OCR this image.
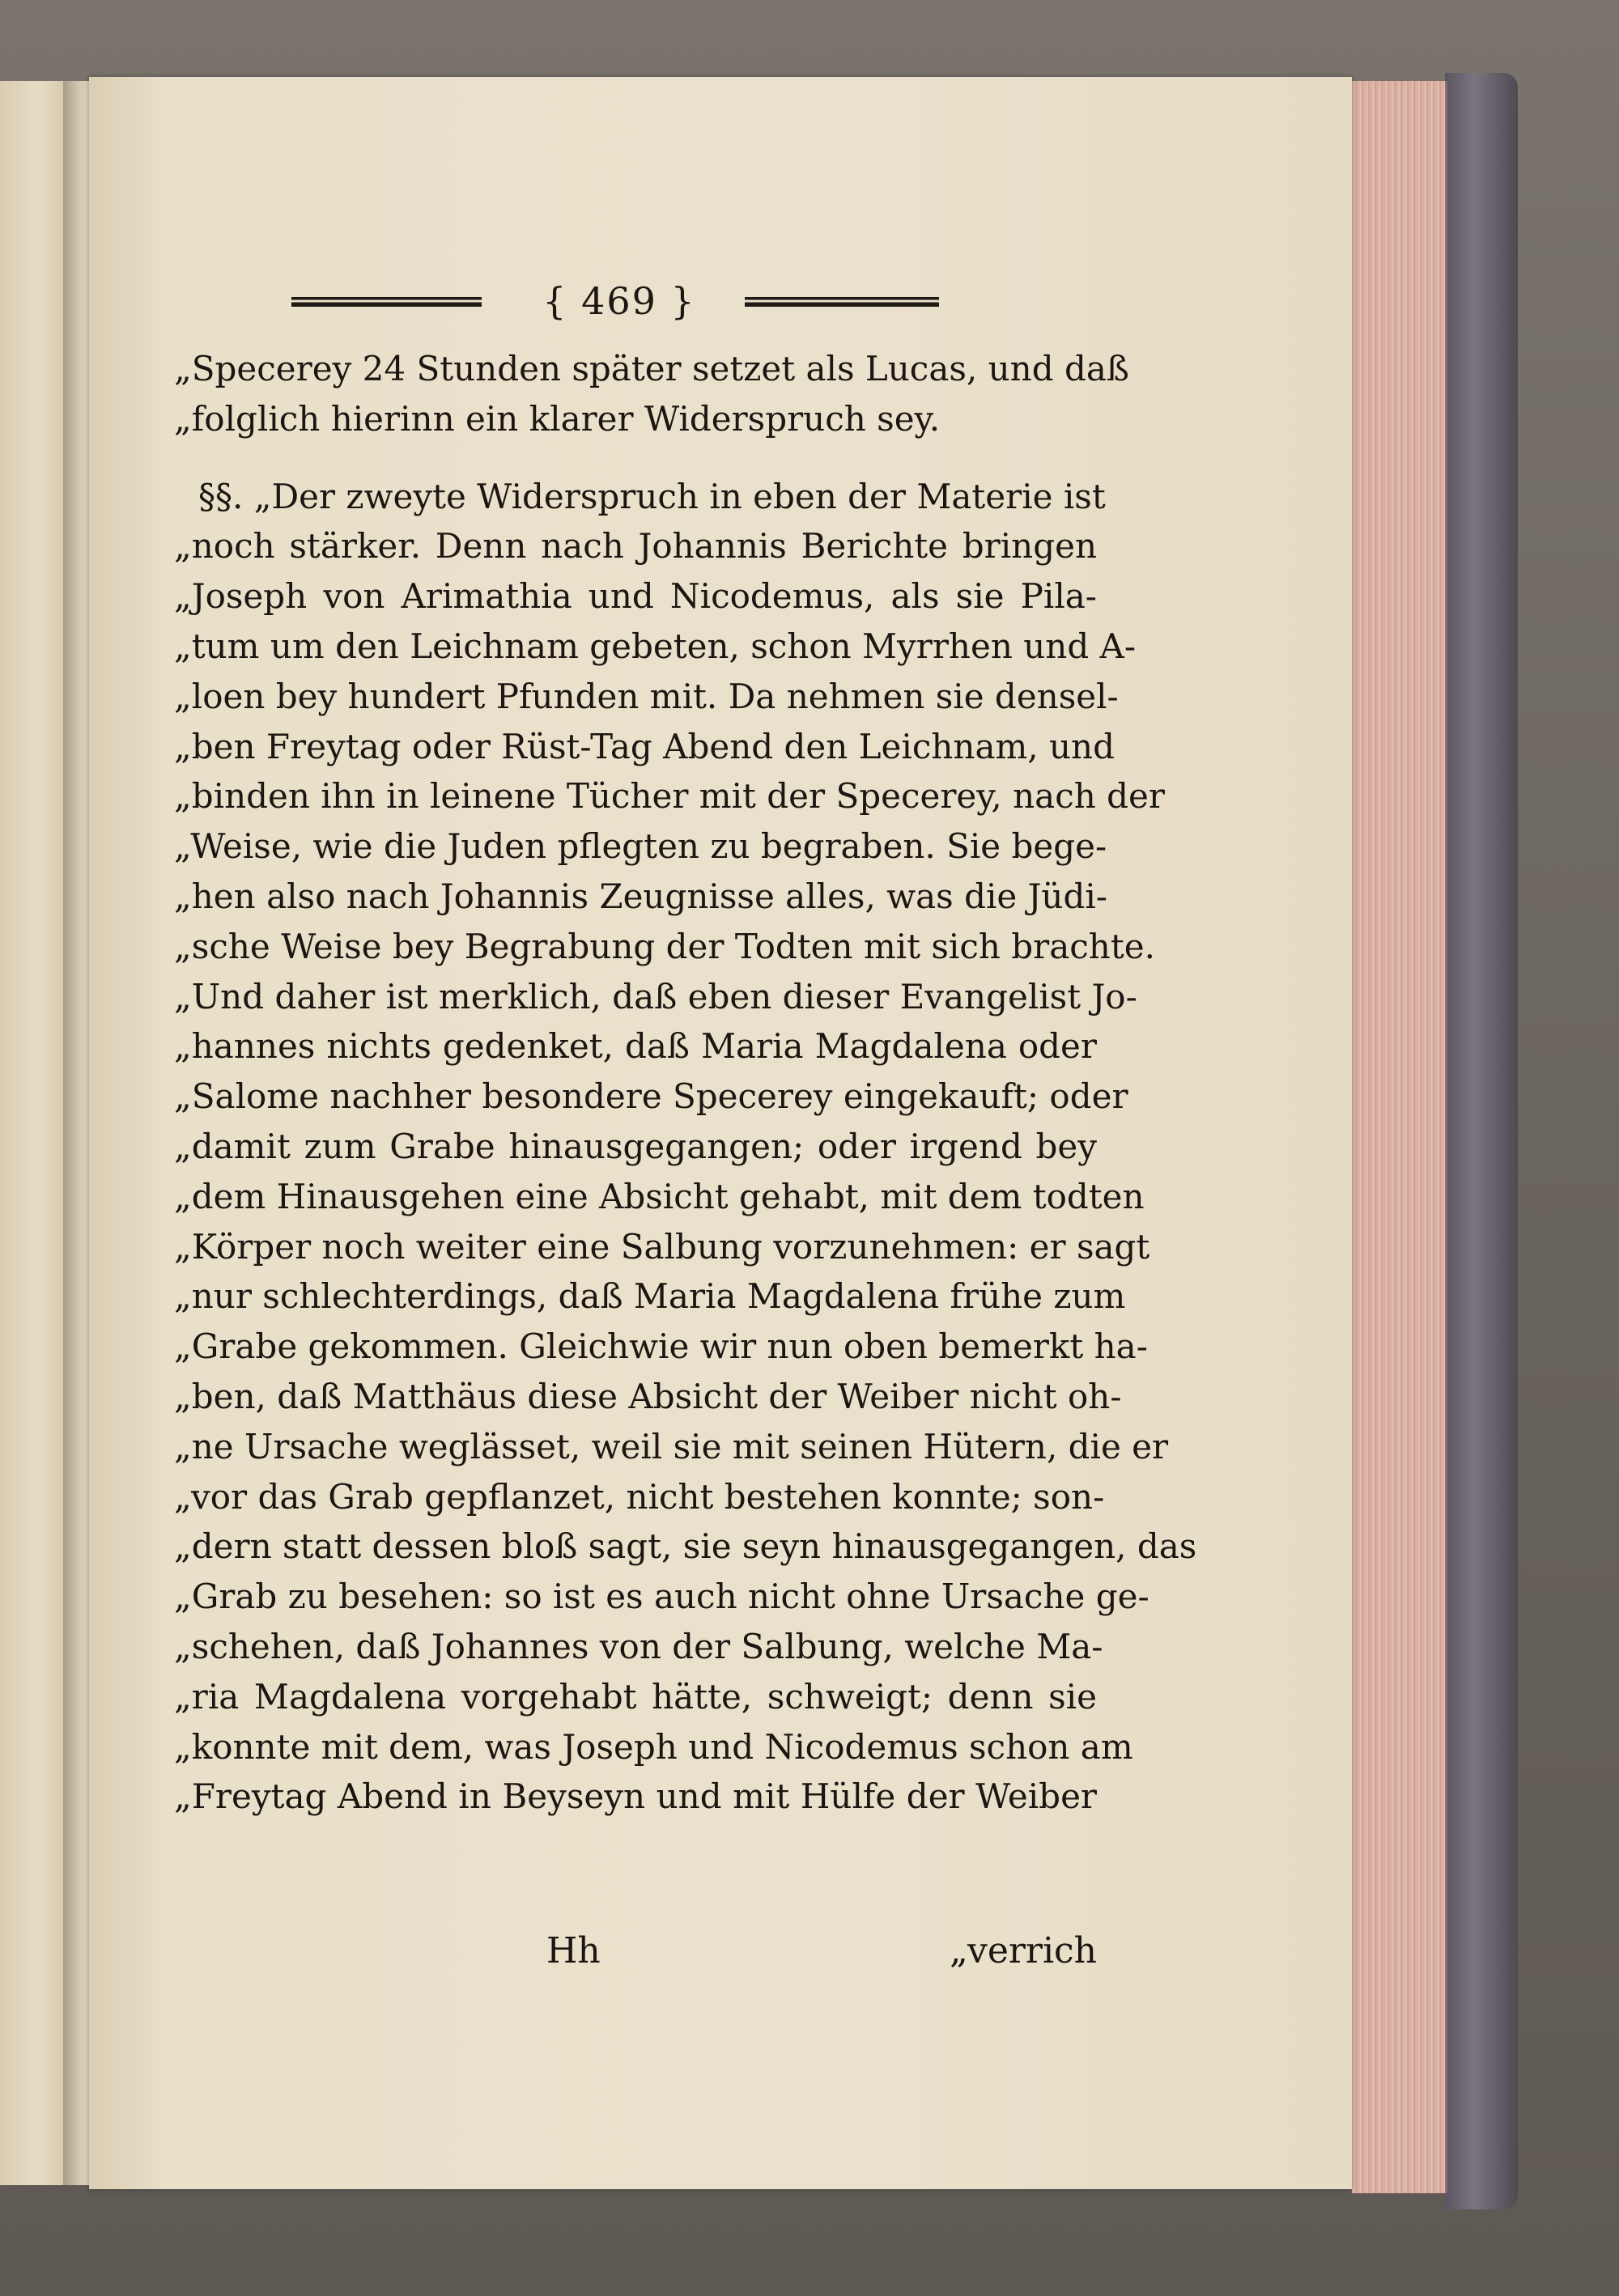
{ 469 }
„Specerey 24 Stunden später setzet als Lucas, und daß
„folglich hierinn ein klarer Widerspruch sey.
§§. „Der zweyte Widerspruch in eben der Materie ist
„noch stärker. Denn nach Johannis Berichte bringen
„Joseph von Arimathia und Nicodemus, als sie Pila-
„tum um den Leichnam gebeten, schon Myrrhen und A-
„loen bey hundert Pfunden mit. Da nehmen sie densel-
„ben Freytag oder Rüst-Tag Abend den Leichnam, und
„binden ihn in leinene Tücher mit der Specerey, nach der
„Weise, wie die Juden pflegten zu begraben. Sie bege-
„hen also nach Johannis Zeugnisse alles, was die Jüdi-
„sche Weise bey Begrabung der Todten mit sich brachte.
„Und daher ist merklich, daß eben dieser Evangelist Jo-
„hannes nichts gedenket, daß Maria Magdalena oder
„Salome nachher besondere Specerey eingekauft; oder
„damit zum Grabe hinausgegangen; oder irgend bey
„dem Hinausgehen eine Absicht gehabt, mit dem todten
„Körper noch weiter eine Salbung vorzunehmen: er sagt
„nur schlechterdings, daß Maria Magdalena frühe zum
„Grabe gekommen. Gleichwie wir nun oben bemerkt ha-
„ben, daß Matthäus diese Absicht der Weiber nicht oh-
„ne Ursache weglässet, weil sie mit seinen Hütern, die er
„vor das Grab gepflanzet, nicht bestehen konnte; son-
„dern statt dessen bloß sagt, sie seyn hinausgegangen, das
„Grab zu besehen: so ist es auch nicht ohne Ursache ge-
„schehen, daß Johannes von der Salbung, welche Ma-
„ria Magdalena vorgehabt hätte, schweigt; denn sie
„konnte mit dem, was Joseph und Nicodemus schon am
„Freytag Abend in Beyseyn und mit Hülfe der Weiber
Hh	„verrich
